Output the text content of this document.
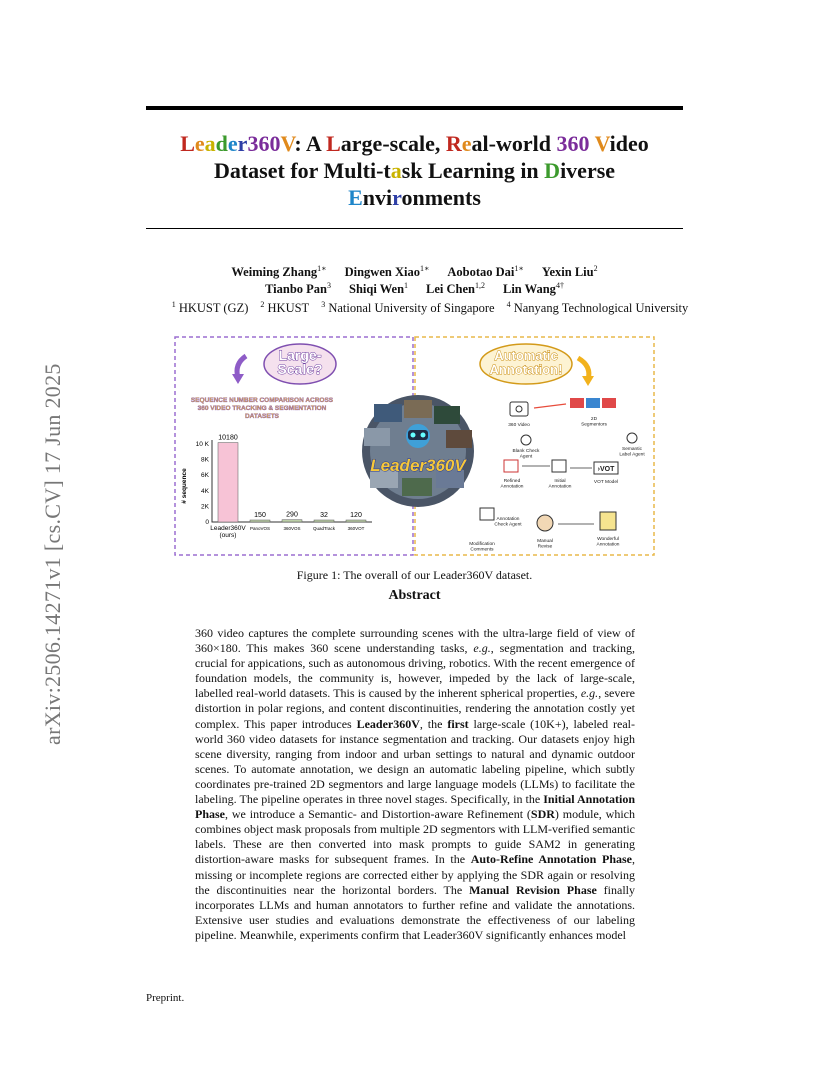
Leader360V: A Large-scale, Real-world 360 Video
Dataset for Multi-task Learning in Diverse
Environments
Weiming Zhang$^{1∗}$ Dingwen Xiao$^{1∗}$ Aobotao Dai$^{1∗}$ Yexin Liu$^2$
Tianbo Pan$^3$ Shiqi Wen$^1$ Lei Chen$^{1,2}$ Lin Wang$^{4\dagger}$
$^1$ HKUST (GZ) $^2$ HKUST $^3$ National University of Singapore $^4$ Nanyang Technological University
arXiv:2506.14271v1 [cs.CV] 17 Jun 2025
Large-Scale?
Automatic Annotation!
SEQUENCE NUMBER COMPARISON ACROSS 360 VIDEO TRACKING & SEGMENTATION DATASETS
# sequence
0
2K
4K
6K
8K
10 K
10180
Leader360V (ours)
150
PanoVOS
290
360VOS
32
QuadTrack
120
360VOT
Leader360V
360 Video
2D Segmentors
Semantic Label Agent
Blank Check Agent
›VOT
VOT Model
Refined Annotation
Initial Annotation
Annotation Check Agent
Modification Comments
Manual Revise
Wonderful Annotation
Figure 1: The overall of our Leader360V dataset.
Abstract
360 video captures the complete surrounding scenes with the ultra-large field of view of 360×180. This makes 360 scene understanding tasks, e.g., segmentation and tracking, crucial for appications, such as autonomous driving, robotics. With the recent emergence of foundation models, the community is, however, impeded by the lack of large-scale, labelled real-world datasets. This is caused by the inherent spherical properties, e.g., severe distortion in polar regions, and content discontinuities, rendering the annotation costly yet complex. This paper introduces Leader360V, the first large-scale (10K+), labeled real-world 360 video datasets for instance segmentation and tracking. Our datasets enjoy high scene diversity, ranging from indoor and urban settings to natural and dynamic outdoor scenes. To automate annotation, we design an automatic labeling pipeline, which subtly coordinates pre-trained 2D segmentors and large language models (LLMs) to facilitate the labeling. The pipeline operates in three novel stages. Specifically, in the Initial Annotation Phase, we introduce a Semantic- and Distortion-aware Refinement (SDR) module, which combines object mask proposals from multiple 2D segmentors with LLM-verified semantic labels. These are then converted into mask prompts to guide SAM2 in generating distortion-aware masks for subsequent frames. In the Auto-Refine Annotation Phase, missing or incomplete regions are corrected either by applying the SDR again or resolving the discontinuities near the horizontal borders. The Manual Revision Phase finally incorporates LLMs and human annotators to further refine and validate the annotations. Extensive user studies and evaluations demonstrate the effectiveness of our labeling pipeline. Meanwhile, experiments confirm that Leader360V significantly enhances model
Preprint.
